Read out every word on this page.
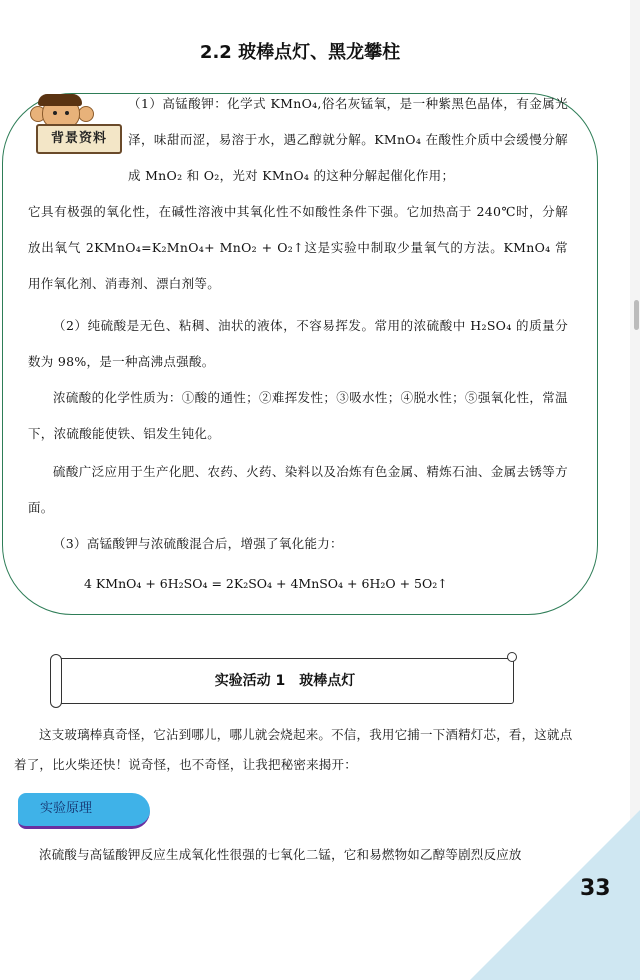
2.2 玻棒点灯、黑龙攀柱
背景资料

（1）高锰酸钾：化学式 KMnO₄,俗名灰锰氧，是一种紫黑色晶体，有金属光泽，味甜而涩，易溶于水，遇乙醇就分解。KMnO₄ 在酸性介质中会缓慢分解成 MnO₂ 和 O₂，光对 KMnO₄ 的这种分解起催化作用；

它具有极强的氧化性，在碱性溶液中其氧化性不如酸性条件下强。它加热高于 240℃时，分解放出氧气 2KMnO₄=K₂MnO₄+ MnO₂ + O₂↑这是实验中制取少量氧气的方法。KMnO₄ 常用作氧化剂、消毒剂、漂白剂等。

（2）纯硫酸是无色、粘稠、油状的液体，不容易挥发。常用的浓硫酸中 H₂SO₄ 的质量分数为 98%，是一种高沸点强酸。

浓硫酸的化学性质为：①酸的通性；②难挥发性；③吸水性；④脱水性；⑤强氧化性，常温下，浓硫酸能使铁、铝发生钝化。

硫酸广泛应用于生产化肥、农药、火药、染料以及冶炼有色金属、精炼石油、金属去锈等方面。

（3）高锰酸钾与浓硫酸混合后，增强了氧化能力：

4 KMnO₄ + 6H₂SO₄ = 2K₂SO₄ + 4MnSO₄ + 6H₂O + 5O₂↑
实验活动 1　玻棒点灯

这支玻璃棒真奇怪，它沾到哪儿，哪儿就会烧起来。不信，我用它捕一下酒精灯芯，看，这就点着了，比火柴还快！说奇怪，也不奇怪，让我把秘密来揭开：

实验原理

浓硫酸与高锰酸钾反应生成氧化性很强的七氧化二锰，它和易燃物如乙醇等剧烈反应放

33
